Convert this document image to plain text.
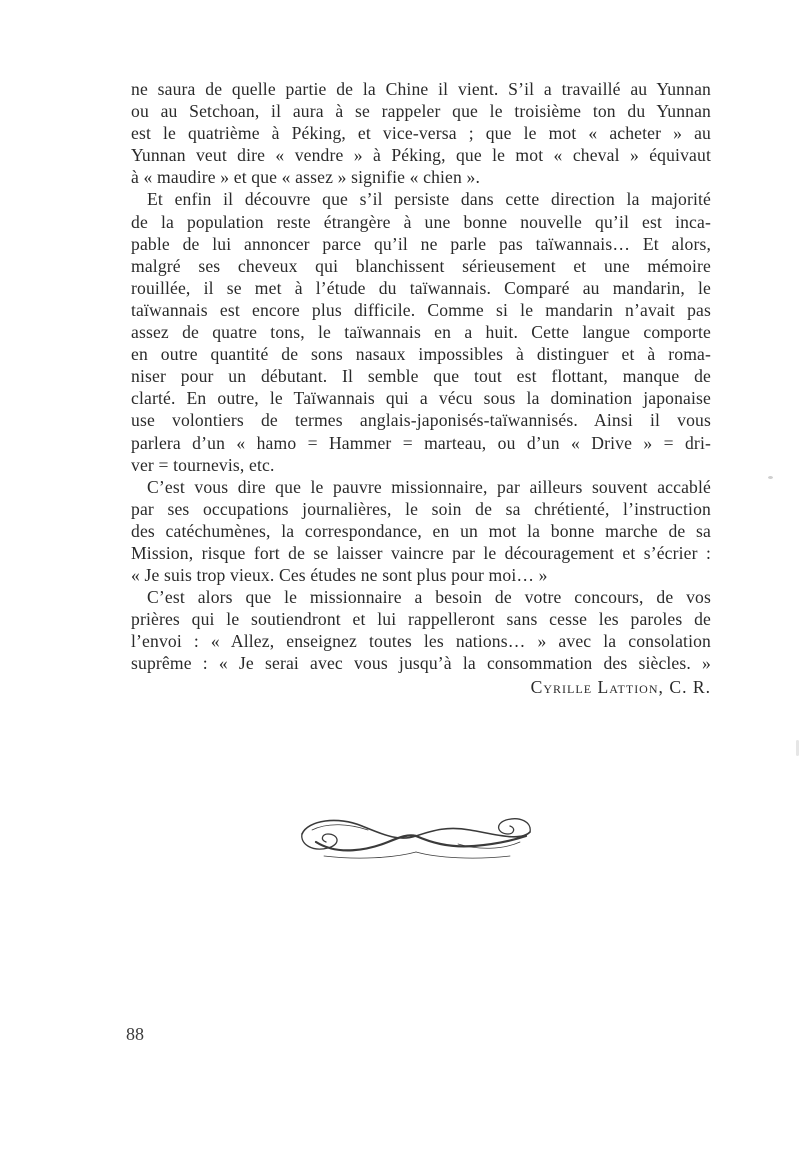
ne saura de quelle partie de la Chine il vient. S’il a travaillé au Yunnan
ou au Setchoan, il aura à se rappeler que le troisième ton du Yunnan
est le quatrième à Péking, et vice-versa ; que le mot « acheter » au
Yunnan veut dire « vendre » à Péking, que le mot « cheval » équivaut
à « maudire » et que « assez » signifie « chien ».
Et enfin il découvre que s’il persiste dans cette direction la majorité
de la population reste étrangère à une bonne nouvelle qu’il est inca-
pable de lui annoncer parce qu’il ne parle pas taïwannais… Et alors,
malgré ses cheveux qui blanchissent sérieusement et une mémoire
rouillée, il se met à l’étude du taïwannais. Comparé au mandarin, le
taïwannais est encore plus difficile. Comme si le mandarin n’avait pas
assez de quatre tons, le taïwannais en a huit. Cette langue comporte
en outre quantité de sons nasaux impossibles à distinguer et à roma-
niser pour un débutant. Il semble que tout est flottant, manque de
clarté. En outre, le Taïwannais qui a vécu sous la domination japonaise
use volontiers de termes anglais-japonisés-taïwannisés. Ainsi il vous
parlera d’un « hamo = Hammer = marteau, ou d’un « Drive » = dri-
ver = tournevis, etc.
C’est vous dire que le pauvre missionnaire, par ailleurs souvent accablé
par ses occupations journalières, le soin de sa chrétienté, l’instruction
des catéchumènes, la correspondance, en un mot la bonne marche de sa
Mission, risque fort de se laisser vaincre par le découragement et s’écrier :
« Je suis trop vieux. Ces études ne sont plus pour moi… »
C’est alors que le missionnaire a besoin de votre concours, de vos
prières qui le soutiendront et lui rappelleront sans cesse les paroles de
l’envoi : « Allez, enseignez toutes les nations… » avec la consolation
suprême : « Je serai avec vous jusqu’à la consommation des siècles. »
Cyrille Lattion, C. R.
88
